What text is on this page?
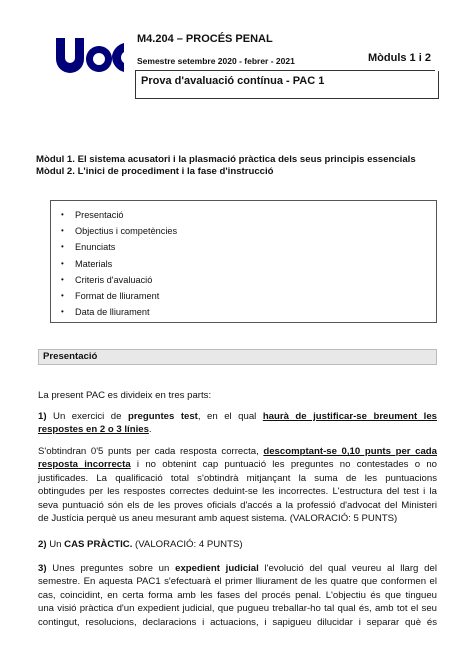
M4.204 – PROCÉS PENAL
Semestre setembre 2020 - febrer - 2021	Mòduls 1 i 2
Prova d'avaluació contínua - PAC 1
Mòdul 1. El sistema acusatori i la plasmació pràctica dels seus principis essencials
Mòdul 2. L'inici de procediment i la fase d'instrucció
• Presentació
• Objectius i competències
• Enunciats
• Materials
• Criteris d'avaluació
• Format de lliurament
• Data de lliurament
Presentació
La present PAC es divideix en tres parts:
1) Un exercici de preguntes test, en el qual haurà de justificar-se breument les
respostes en 2 o 3 línies.
S'obtindran 0'5 punts per cada resposta correcta, descomptant-se 0,10 punts per cada
resposta incorrecta i no obtenint cap puntuació les preguntes no contestades o no
justificades. La qualificació total s'obtindrà mitjançant la suma de les puntuacions
obtingudes per les respostes correctes deduint-se les incorrectes. L'estructura del test i la
seva puntuació són els de les proves oficials d'accés a la professió d'advocat del Ministeri
de Justícia perquè us aneu mesurant amb aquest sistema. (VALORACIÓ: 5 PUNTS)
2) Un CAS PRÀCTIC. (VALORACIÓ: 4 PUNTS)
3) Unes preguntes sobre un expedient judicial l'evolució del qual veureu al llarg del
semestre. En aquesta PAC1 s'efectuarà el primer lliurament de les quatre que conformen el
cas, coincidint, en certa forma amb les fases del procés penal. L'objectiu és que tingueu
una visió pràctica d'un expedient judicial, que pugueu treballar-ho tal qual és, amb tot el seu
contingut, resolucions, declaracions i actuacions, i sapigueu dilucidar i separar què és
